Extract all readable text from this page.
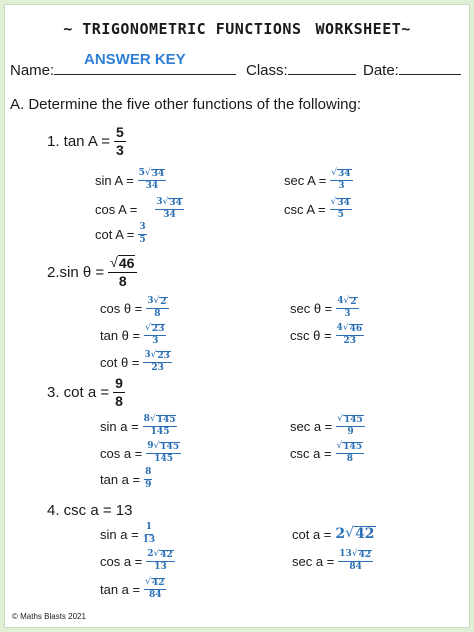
~ TRIGONOMETRIC FUNCTIONS WORKSHEET~
ANSWER KEY
Name:	Class:	Date:
A. Determine the five other functions of the following:
1. $\tan A = \frac{5}{3}$
$\sin A = \frac{5 √ 34}{34}$
$\cos A = \frac{3 √ 34}{34}$
$\cot A = \frac{3}{5}$
$\sec A = \frac{√ 34}{3}$
$\csc A = \frac{√ 34}{5}$
2.sin $\theta = \frac{√ 46}{8}$
$\cos \theta = \frac{3 √ 2}{8}$
$\tan \theta = \frac{√ 23}{3}$
$\cot \theta = \frac{3 √ 23}{23}$
$\sec \theta = \frac{4 √ 2}{3}$
$\csc \theta = \frac{4 √ 46}{23}$
3. $\cot a = \frac{9}{8}$
$\sin a = \frac{8 √ 145}{145}$
$\cos a = \frac{9 √ 145}{145}$
$\tan a = \frac{8}{9}$
$\sec a = \frac{√ 145}{9}$
$\csc a = \frac{√ 145}{8}$
4. csc a = 13
$\sin a = \frac{1}{13}$
$\cos a = \frac{2 √ 42}{13}$
$\tan a = \frac{√ 42}{84}$
cot a = 2 √ 42
$\sec a = \frac{13 √ 42}{84}$
© Maths Blasts 2021
